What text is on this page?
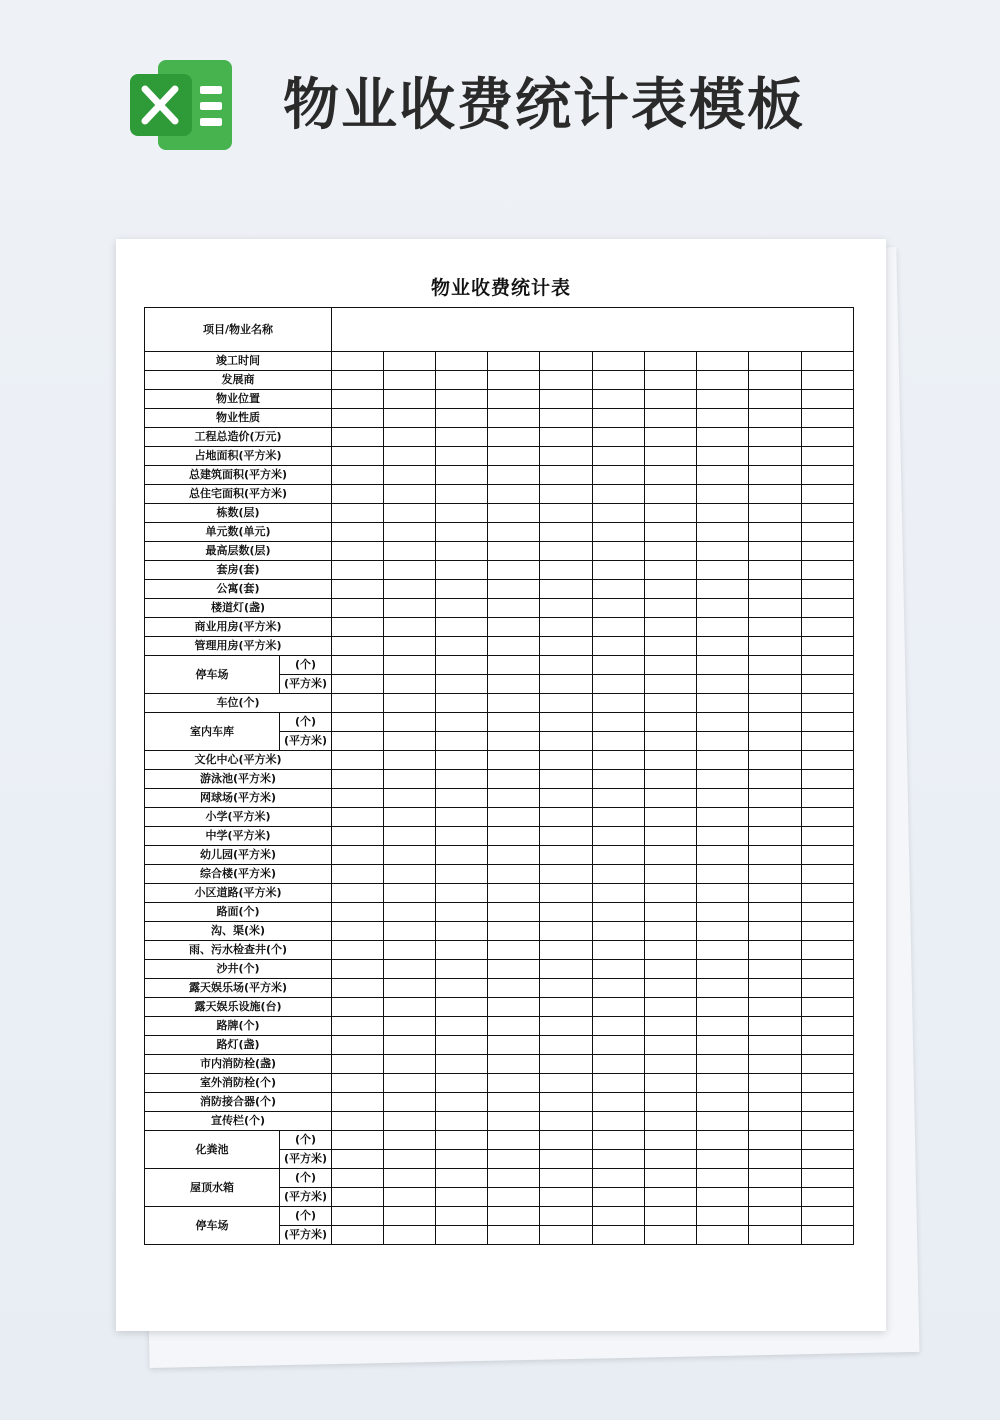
物业收费统计表模板
物业收费统计表
项目/物业名称											
竣工时间											
发展商											
物业位置											
物业性质											
工程总造价(万元)											
占地面积(平方米)											
总建筑面积(平方米)											
总住宅面积(平方米)											
栋数(层)											
单元数(单元)											
最高层数(层)											
套房(套)											
公寓(套)											
楼道灯(盏)											
商业用房(平方米)											
管理用房(平方米)											
停车场	(个)										
	(平方米)										
车位(个)											
室内车库	(个)										
	(平方米)										
文化中心(平方米)											
游泳池(平方米)											
网球场(平方米)											
小学(平方米)											
中学(平方米)											
幼儿园(平方米)											
综合楼(平方米)											
小区道路(平方米)											
路面(个)											
沟、渠(米)											
雨、污水检查井(个)											
沙井(个)											
露天娱乐场(平方米)											
露天娱乐设施(台)											
路牌(个)											
路灯(盏)											
市内消防栓(盏)											
室外消防栓(个)											
消防接合器(个)											
宣传栏(个)											
化粪池	(个)										
	(平方米)										
屋顶水箱	(个)										
	(平方米)										
停车场	(个)										
	(平方米)										
